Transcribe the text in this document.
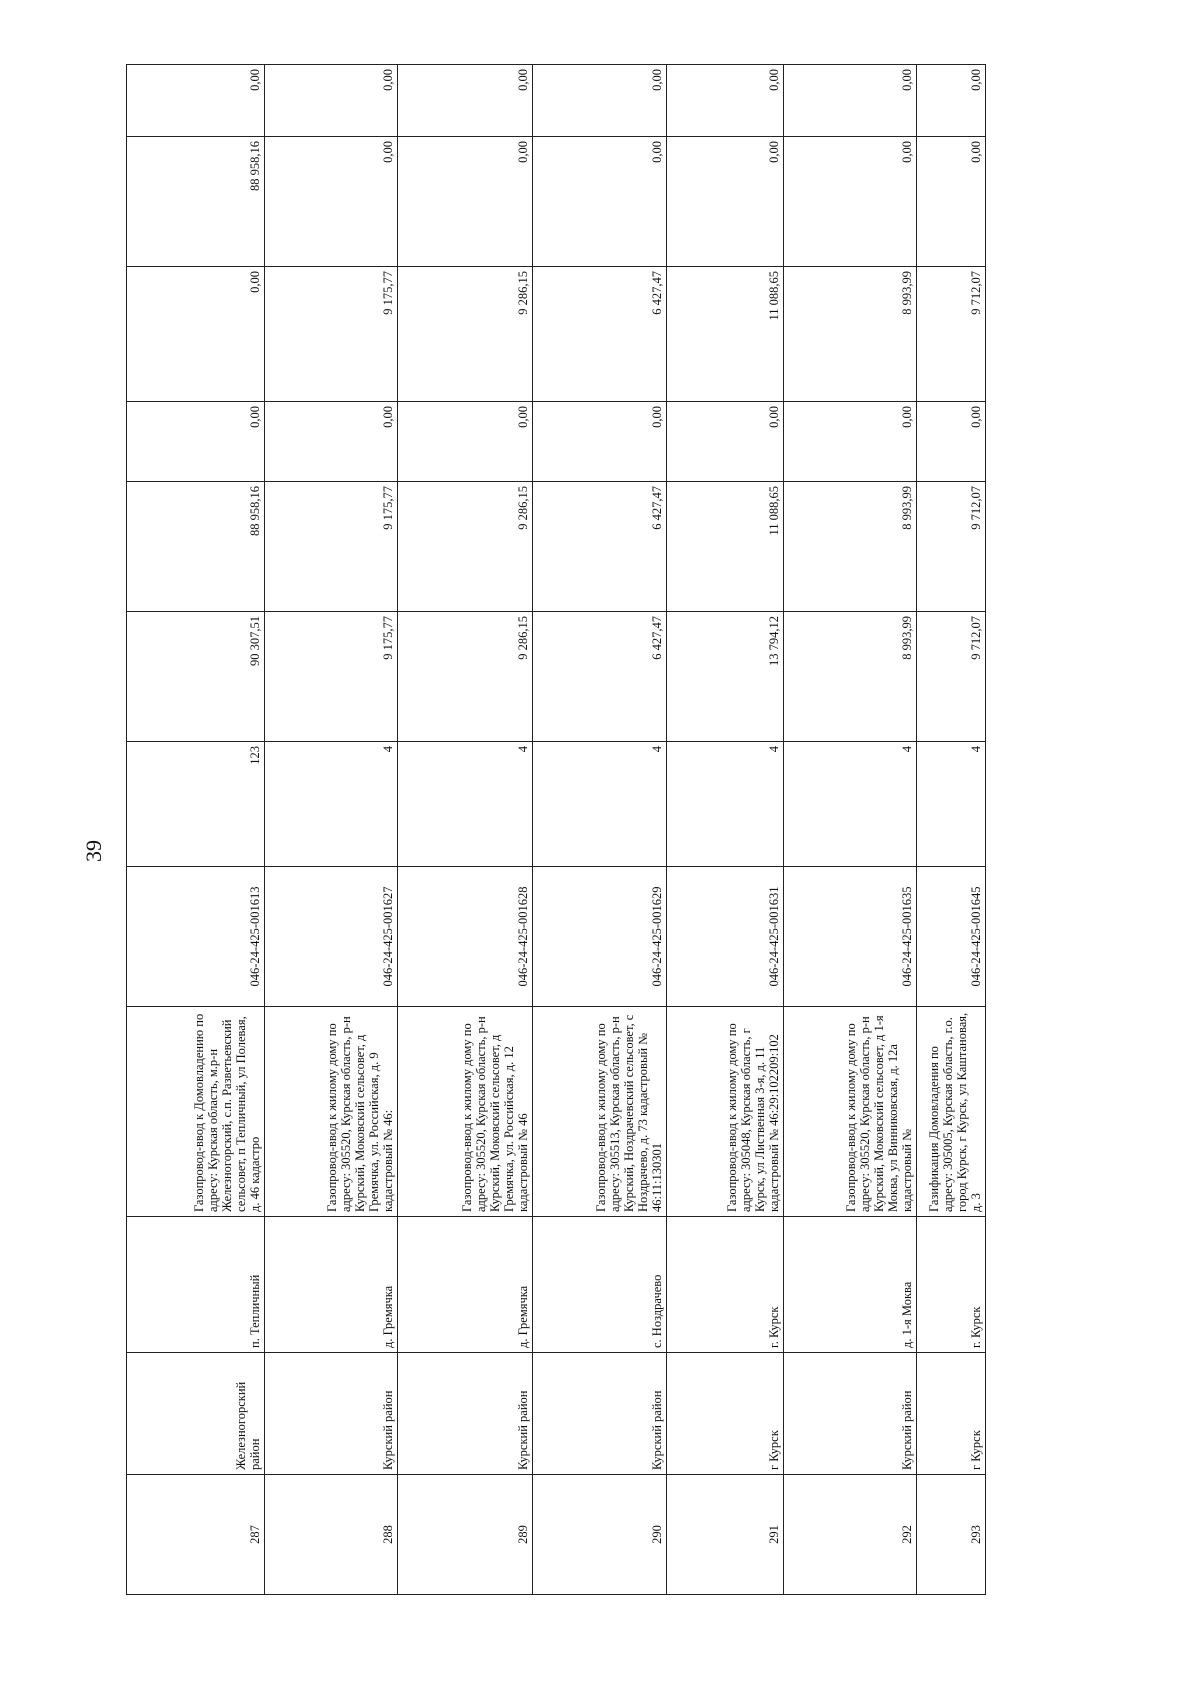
39
287	Железногорский район	п. Тепличный	Газопровод-ввод к Домовладению по адресу: Курская область, м.р-н Железногорский, с.п. Разветьевский сельсовет, п Тепличный, ул Полевая, д. 46 кадастро	046-24-425-001613	123	90 307,51	88 958,16	0,00	0,00	88 958,16	0,00
288	Курский район	д. Гремячка	Газопровод-ввод к жилому дому по адресу: 305520, Курская область, р-н Курский, Моковский сельсовет, д Гремячка, ул. Российская, д. 9 кадастровый № 46:	046-24-425-001627	4	9 175,77	9 175,77	0,00	9 175,77	0,00	0,00
289	Курский район	д. Гремячка	Газопровод-ввод к жилому дому по адресу: 305520, Курская область, р-н Курский, Моковский сельсовет, д Гремячка, ул. Российская, д. 12 кадастровый № 46	046-24-425-001628	4	9 286,15	9 286,15	0,00	9 286,15	0,00	0,00
290	Курский район	с. Ноздрачево	Газопровод-ввод к жилому дому по адресу: 305513, Курская область, р-н Курский, Ноздрачевский сельсовет, с Ноздрачево, д. 73 кадастровый № 46:11:130301	046-24-425-001629	4	6 427,47	6 427,47	0,00	6 427,47	0,00	0,00
291	г Курск	г. Курск	Газопровод-ввод к жилому дому по адресу: 305048, Курская область, г Курск, ул Лиственная 3-я, д. 11 кадастровый № 46:29:102209:102	046-24-425-001631	4	13 794,12	11 088,65	0,00	11 088,65	0,00	0,00
292	Курский район	д. 1-я Моква	Газопровод-ввод к жилому дому по адресу: 305520, Курская область, р-н Курский, Моковский сельсовет, д 1-я Моква, ул Винниковская, д. 12а кадастровый №	046-24-425-001635	4	8 993,99	8 993,99	0,00	8 993,99	0,00	0,00
293	г Курск	г. Курск	Газификация Домовладения по адресу: 305005, Курская область, г.о. город Курск, г Курск, ул Каштановая, д. 3	046-24-425-001645	4	9 712,07	9 712,07	0,00	9 712,07	0,00	0,00
